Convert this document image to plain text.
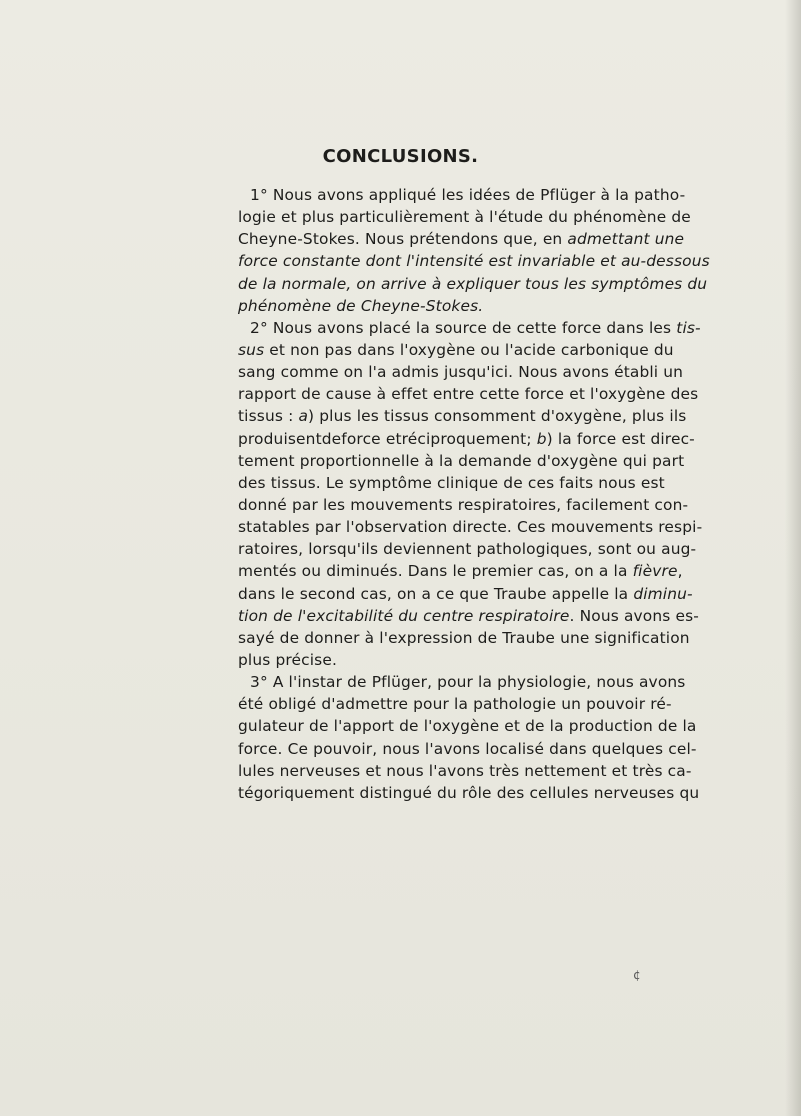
CONCLUSIONS.
1° Nous avons appliqué les idées de Pflüger à la patho-
logie et plus particulièrement à l'étude du phénomène de
Cheyne-Stokes. Nous prétendons que, en admettant une
force constante dont l'intensité est invariable et au-dessous
de la normale, on arrive à expliquer tous les symptômes du
phénomène de Cheyne-Stokes.
2° Nous avons placé la source de cette force dans les tis-
sus et non pas dans l'oxygène ou l'acide carbonique du
sang comme on l'a admis jusqu'ici. Nous avons établi un
rapport de cause à effet entre cette force et l'oxygène des
tissus : a) plus les tissus consomment d'oxygène, plus ils
produisentdeforce etréciproquement; b) la force est direc-
tement proportionnelle à la demande d'oxygène qui part
des tissus. Le symptôme clinique de ces faits nous est
donné par les mouvements respiratoires, facilement con-
statables par l'observation directe. Ces mouvements respi-
ratoires, lorsqu'ils deviennent pathologiques, sont ou aug-
mentés ou diminués. Dans le premier cas, on a la fièvre,
dans le second cas, on a ce que Traube appelle la diminu-
tion de l'excitabilité du centre respiratoire. Nous avons es-
sayé de donner à l'expression de Traube une signification
plus précise.
3° A l'instar de Pflüger, pour la physiologie, nous avons
été obligé d'admettre pour la pathologie un pouvoir ré-
gulateur de l'apport de l'oxygène et de la production de la
force. Ce pouvoir, nous l'avons localisé dans quelques cel-
lules nerveuses et nous l'avons très nettement et très ca-
tégoriquement distingué du rôle des cellules nerveuses qu
¢
